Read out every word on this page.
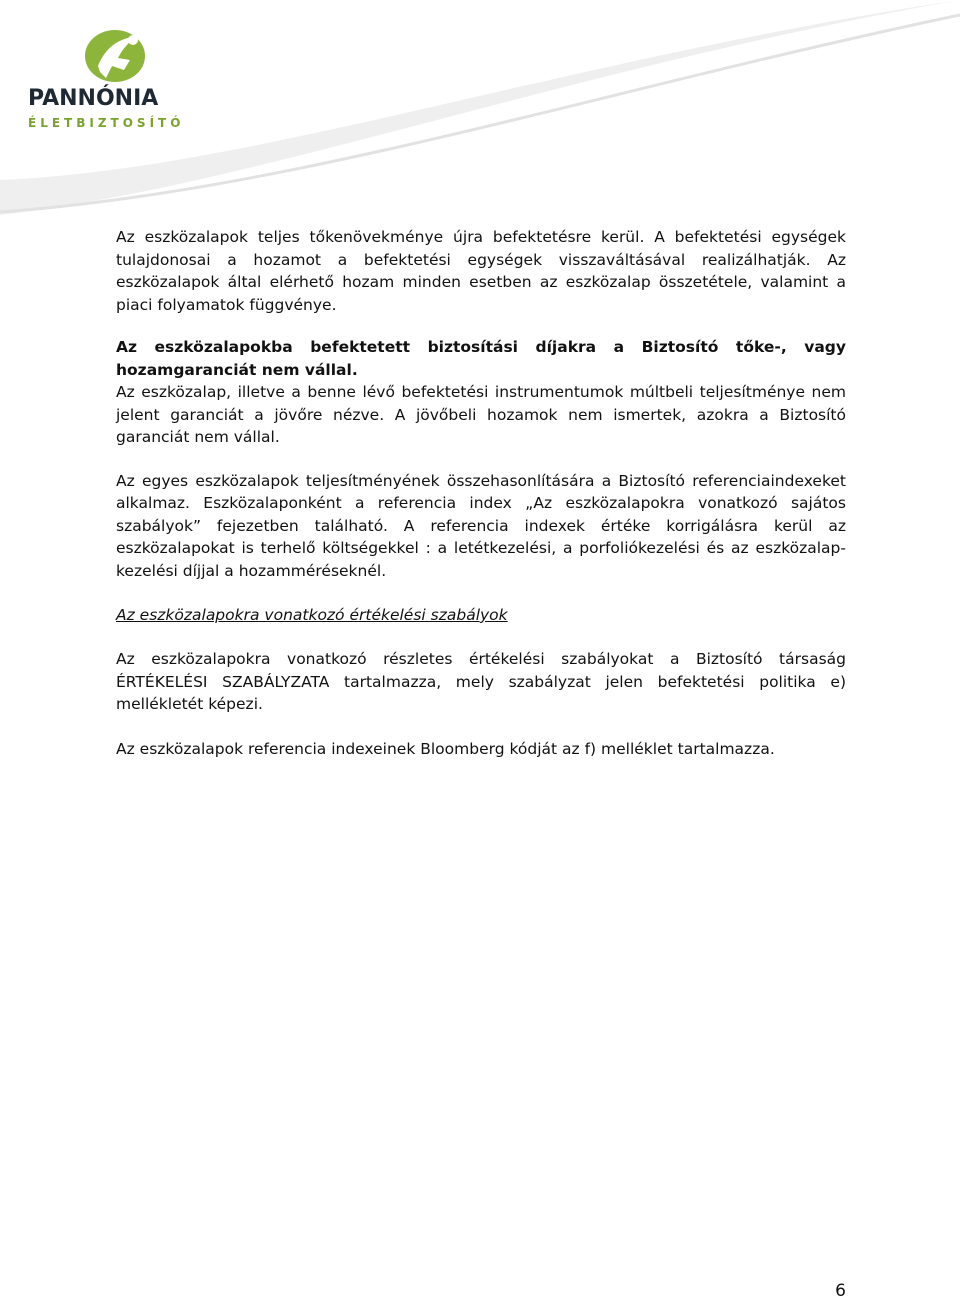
PANNÓNIA
ÉLETBIZTOSÍTÓ

Az eszközalapok teljes tőkenövekménye újra befektetésre kerül. A befektetési egységek tulajdonosai a hozamot a befektetési egységek visszaváltásával realizálhatják. Az eszközalapok által elérhető hozam minden esetben az eszközalap összetétele, valamint a piaci folyamatok függvénye.

Az eszközalapokba befektetett biztosítási díjakra a Biztosító tőke-, vagy hozamgaranciát nem vállal.

Az eszközalap, illetve a benne lévő befektetési instrumentumok múltbeli teljesítménye nem jelent garanciát a jövőre nézve. A jövőbeli hozamok nem ismertek, azokra a Biztosító garanciát nem vállal.

Az egyes eszközalapok teljesítményének összehasonlítására a Biztosító referenciaindexeket alkalmaz. Eszközalaponként a referencia index „Az eszközalapokra vonatkozó sajátos szabályok” fejezetben található. A referencia indexek értéke korrigálásra kerül az eszközalapokat is terhelő költségekkel : a letétkezelési, a porfoliókezelési és az eszközalap-kezelési díjjal a hozamméréseknél.

Az eszközalapokra vonatkozó értékelési szabályok

Az eszközalapokra vonatkozó részletes értékelési szabályokat a Biztosító társaság ÉRTÉKELÉSI SZABÁLYZATA tartalmazza, mely szabályzat jelen befektetési politika e) mellékletét képezi.

Az eszközalapok referencia indexeinek Bloomberg kódját az f) melléklet tartalmazza.

6
